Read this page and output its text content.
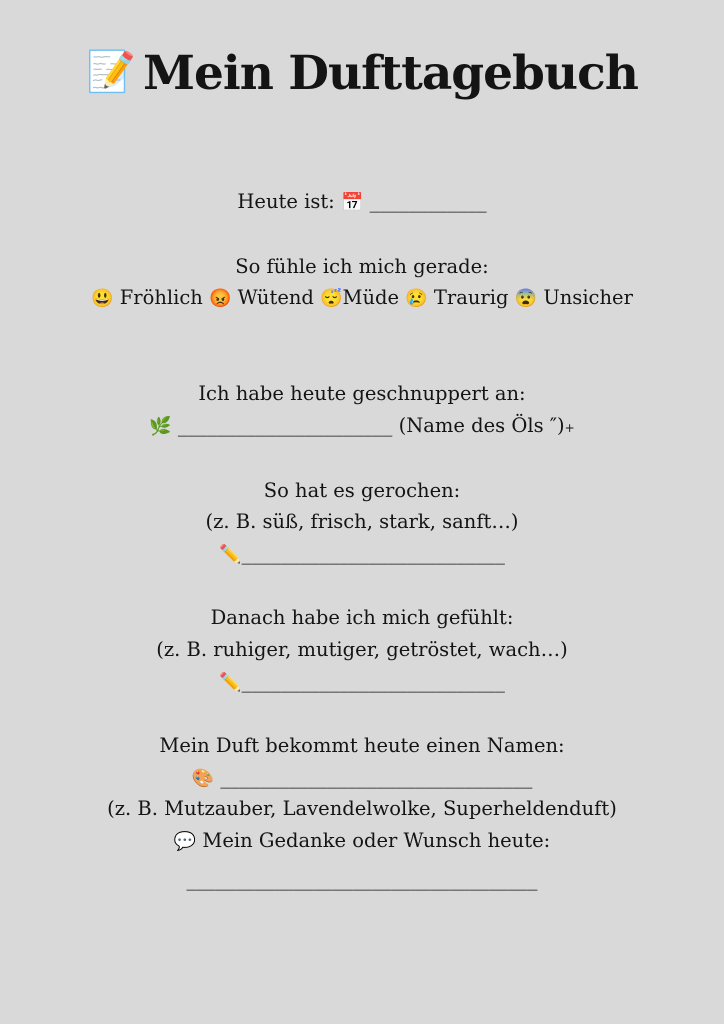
📝 Mein Dufttagebuch
Heute ist: 📅 ____________
So fühle ich mich gerade:
😃 Fröhlich 😡 Wütend 😴Müde 😢 Traurig 😨 Unsicher
Ich habe heute geschnuppert an:
🌿 ______________________ (Name des Öls ″)+
So hat es gerochen:
(z. B. süß, frisch, stark, sanft…)
✏️___________________________
Danach habe ich mich gefühlt:
(z. B. ruhiger, mutiger, getröstet, wach…)
✏️___________________________
Mein Duft bekommt heute einen Namen:
🎨 ________________________________
(z. B. Mutzauber, Lavendelwolke, Superheldenduft)
💬 Mein Gedanke oder Wunsch heute:
____________________________________
